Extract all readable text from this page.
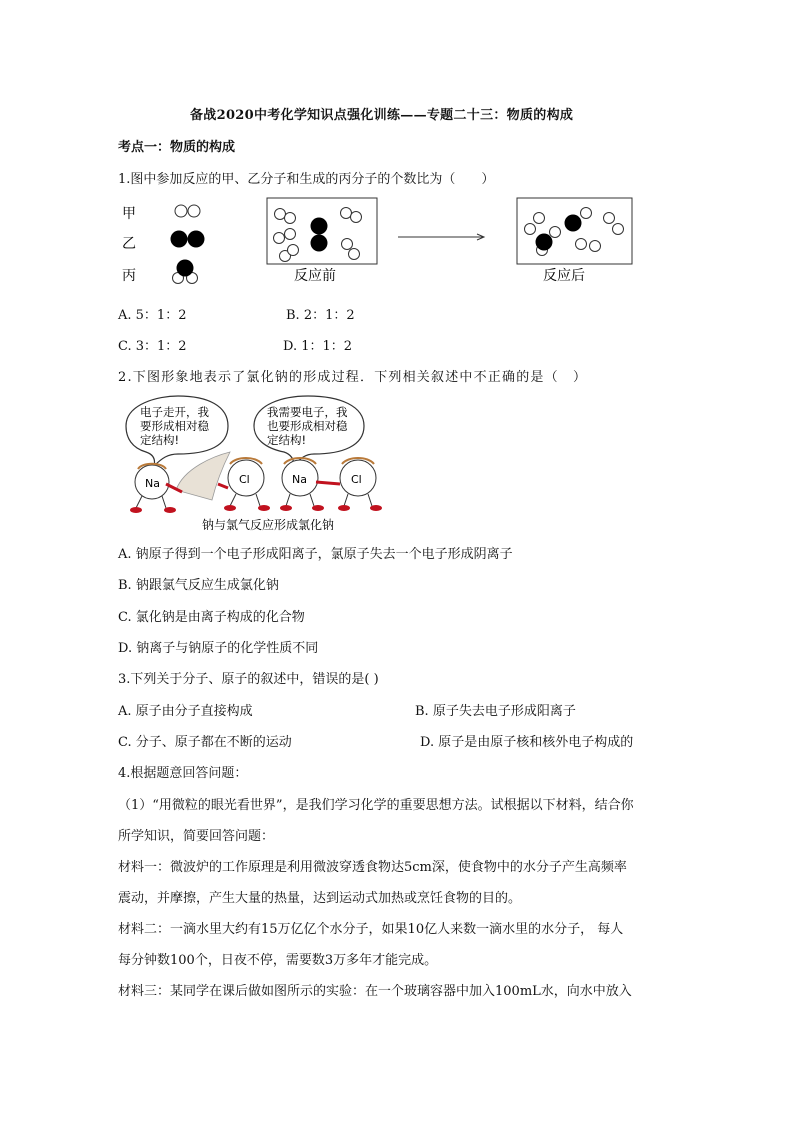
备战2020中考化学知识点强化训练——专题二十三：物质的构成
考点一：物质的构成
1.图中参加反应的甲、乙分子和生成的丙分子的个数比为（　　）
甲
乙
丙	反应前	反应后
A. 5：1：2	B. 2：1：2
C. 3：1：2	D. 1：1：2
2.下图形象地表示了氯化钠的形成过程．下列相关叙述中不正确的是（　）
电子走开，我
要形成相对稳
定结构!
我需要电子，我
也要形成相对稳
定结构!
Na	Cl	Na	Cl
钠与氯气反应形成氯化钠
A. 钠原子得到一个电子形成阳离子，氯原子失去一个电子形成阴离子
B. 钠跟氯气反应生成氯化钠
C. 氯化钠是由离子构成的化合物
D. 钠离子与钠原子的化学性质不同
3.下列关于分子、原子的叙述中，错误的是( )
A. 原子由分子直接构成	B. 原子失去电子形成阳离子
C. 分子、原子都在不断的运动	D. 原子是由原子核和核外电子构成的
4.根据题意回答问题：
（1）“用微粒的眼光看世界”，是我们学习化学的重要思想方法。试根据以下材料，结合你
所学知识，简要回答问题：
材料一：微波炉的工作原理是利用微波穿透食物达5cm深，使食物中的水分子产生高频率
震动，并摩擦，产生大量的热量，达到运动式加热或烹饪食物的目的。
材料二：一滴水里大约有15万亿亿个水分子，如果10亿人来数一滴水里的水分子， 每人
每分钟数100个，日夜不停，需要数3万多年才能完成。
材料三：某同学在课后做如图所示的实验：在一个玻璃容器中加入100mL水，向水中放入
